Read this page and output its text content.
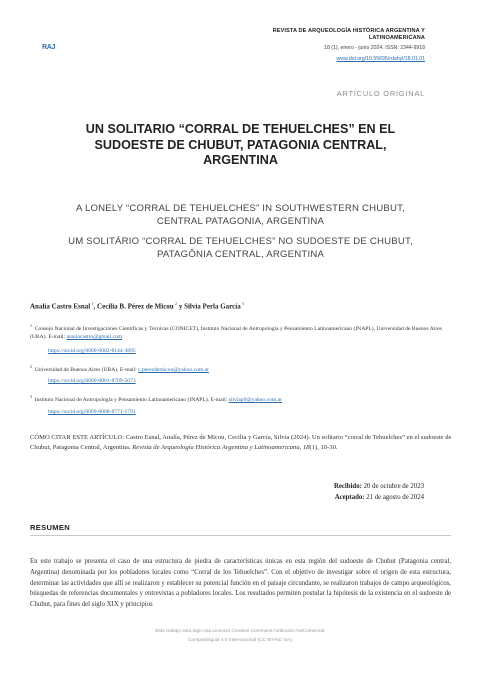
RAJ
REVISTA DE ARQUEOLOGÍA HISTÓRICA ARGENTINA Y LATINOAMERICANA
18 (1), enero - junio 2024. ISSN: 2344-9918
www.doi.org/10.55695/rdahyl/18.01.01
ARTÍCULO ORIGINAL
UN SOLITARIO “CORRAL DE TEHUELCHES” EN EL SUDOESTE DE CHUBUT, PATAGONIA CENTRAL, ARGENTINA
A LONELY “CORRAL DE TEHUELCHES” IN SOUTHWESTERN CHUBUT, CENTRAL PATAGONIA, ARGENTINA
UM SOLITÁRIO “CORRAL DE TEHUELCHES” NO SUDOESTE DE CHUBUT, PATAGÔNIA CENTRAL, ARGENTINA
Analía Castro Esnal $^1$, Cecilia B. Pérez de Micou $^2$ y Silvia Perla García $^3$
$^1$  Consejo Nacional de Investigaciones Científicas y Técnicas (CONICET), Instituto Nacional de Antropología y Pensamiento Latinoamericano (INAPL), Universidad de Buenos Aires (UBA). E-mail: anaiiacastro@gmail.com
https://orcid.org/0000-0002-8144-3895
$^2$  Universidad de Buenos Aires (UBA). E-mail: c.perezdemicou@yahoo.com.ar
https://orcid.org/0000-0001-8709-5073
$^3$  Instituto Nacional de Antropología y Pensamiento Latinoamericano (INAPL). E-mail: silviap9@yahoo.com.ar
https://orcid.org/0009-0008-8771-1791
CÓMO CITAR ESTE ARTÍCULO: Castro Esnal, Analía, Pérez de Micou, Cecilia y García, Silvia (2024). Un solitario “corral de Tehuelches” en el sudoeste de Chubut, Patagonia Central, Argentina. Revista de Arqueología Histórica Argentina y Latinoamericana, 18(1), 10-30.
Recibido: 20 de octubre de 2023
Aceptado: 21 de agosto de 2024
RESUMEN
En este trabajo se presenta el caso de una estructura de piedra de características únicas en esta región del sudoeste de Chubut (Patagonia central, Argentina) denominada por los pobladores locales como “Corral de los Tehuelches”. Con el objetivo de investigar sobre el origen de esta estructura, determinar las actividades que allí se realizaron y establecer su potencial función en el paisaje circundante, se realizaron trabajos de campo arqueológicos, búsquedas de referencias documentales y entrevistas a pobladores locales. Los resultados permiten postular la hipótesis de la existencia en el sudoeste de Chubut, para fines del siglo XIX y principios
Este trabajo está bajo una Licencia Creative Commons Atribución-NoComercial-CompartirIgual 4.0 Internacional (CC BY-NC-SA).
